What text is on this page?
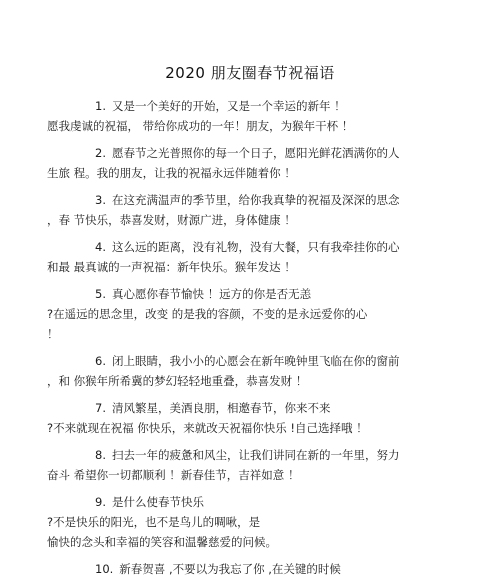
2020 朋友圈春节祝福语
1. 又是一个美好的开始，又是一个幸运的新年 ！
愿我虔诚的祝福， 带给你成功的一年！朋友，为猴年干杯 ！
2. 愿春节之光普照你的每一个日子，愿阳光鲜花洒满你的人
生旅 程。我的朋友，让我的祝福永远伴随着你 ！
3. 在这充满温声的季节里，给你我真挚的祝福及深深的思念
，春 节快乐，恭喜发财，财源广进，身体健康 ！
4. 这么远的距离，没有礼物，没有大餐，只有我牵挂你的心
和最 最真诚的一声祝福：新年快乐。猴年发达 ！
5. 真心愿你春节愉快 ！远方的你是否无恙
?在遥远的思念里，改变 的是我的容颜，不变的是永远爱你的心
！
6. 闭上眼睛，我小小的心愿会在新年晚钟里飞临在你的窗前
，和 你猴年所希冀的梦幻轻轻地重叠，恭喜发财 ！
7. 清风繁星，美酒良朋，相邀春节，你来不来
?不来就现在祝福 你快乐，来就改天祝福你快乐 !自己选择哦 ！
8. 扫去一年的疲惫和风尘，让我们讲同在新的一年里，努力
奋斗 希望你一切都顺利 ！新春佳节，吉祥如意 ！
9. 是什么使春节快乐
?不是快乐的阳光，也不是鸟儿的啁啾，是
愉快的念头和幸福的笑容和温馨慈爱的问候。
10. 新春贺喜 ,不要以为我忘了你 ,在关键的时候
